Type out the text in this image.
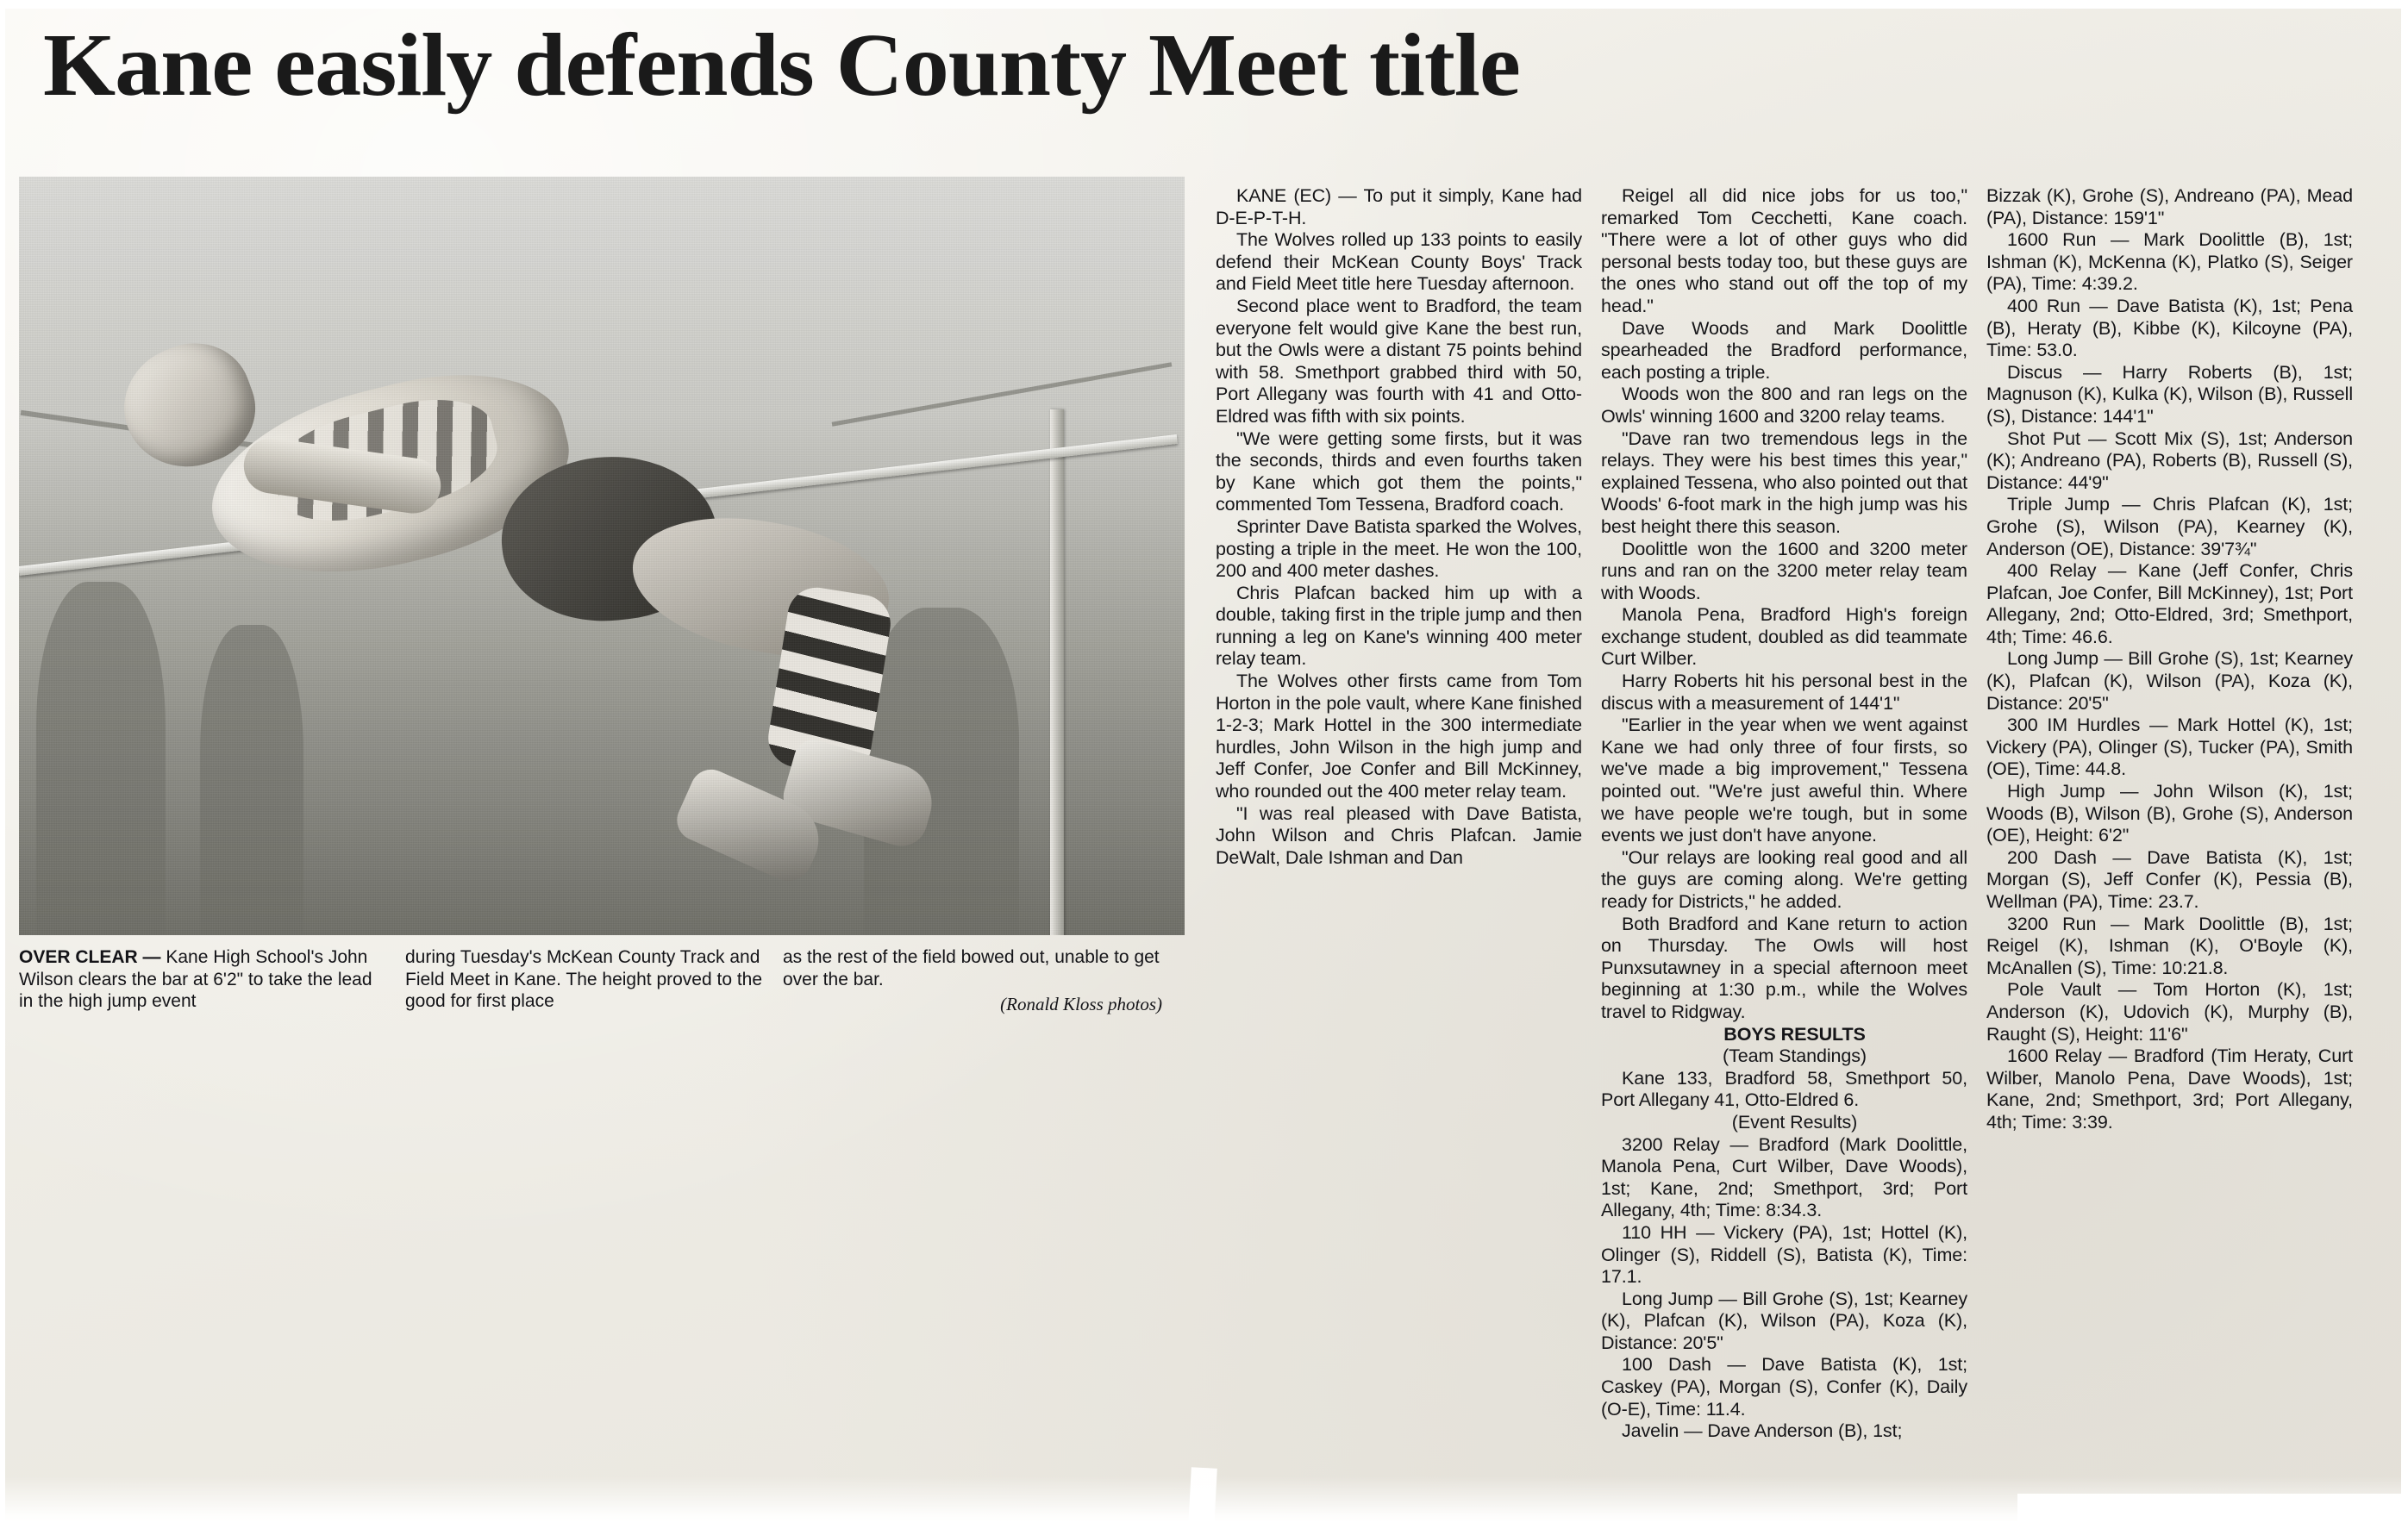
Kane easily defends County Meet title
OVER CLEAR — Kane High School's John Wilson clears the bar at 6'2" to take the lead in the high jump event
during Tuesday's McKean County Track and Field Meet in Kane. The height proved to the good for first place
as the rest of the field bowed out, unable to get over the bar.
(Ronald Kloss photos)

KANE (EC) — To put it simply, Kane had D-E-P-T-H.

The Wolves rolled up 133 points to easily defend their McKean County Boys' Track and Field Meet title here Tuesday afternoon.

Second place went to Bradford, the team everyone felt would give Kane the best run, but the Owls were a distant 75 points behind with 58. Smethport grabbed third with 50, Port Allegany was fourth with 41 and Otto-Eldred was fifth with six points.

"We were getting some firsts, but it was the seconds, thirds and even fourths taken by Kane which got them the points," commented Tom Tessena, Bradford coach.

Sprinter Dave Batista sparked the Wolves, posting a triple in the meet. He won the 100, 200 and 400 meter dashes.

Chris Plafcan backed him up with a double, taking first in the triple jump and then running a leg on Kane's winning 400 meter relay team.

The Wolves other firsts came from Tom Horton in the pole vault, where Kane finished 1-2-3; Mark Hottel in the 300 intermediate hurdles, John Wilson in the high jump and Jeff Confer, Joe Confer and Bill McKinney, who rounded out the 400 meter relay team.

"I was real pleased with Dave Batista, John Wilson and Chris Plafcan. Jamie DeWalt, Dale Ishman and Dan

Reigel all did nice jobs for us too," remarked Tom Cecchetti, Kane coach. "There were a lot of other guys who did personal bests today too, but these guys are the ones who stand out off the top of my head."

Dave Woods and Mark Doolittle spearheaded the Bradford performance, each posting a triple.

Woods won the 800 and ran legs on the Owls' winning 1600 and 3200 relay teams.

"Dave ran two tremendous legs in the relays. They were his best times this year," explained Tessena, who also pointed out that Woods' 6-foot mark in the high jump was his best height there this season.

Doolittle won the 1600 and 3200 meter runs and ran on the 3200 meter relay team with Woods.

Manola Pena, Bradford High's foreign exchange student, doubled as did teammate Curt Wilber.

Harry Roberts hit his personal best in the discus with a measurement of 144'1"

"Earlier in the year when we went against Kane we had only three of four firsts, so we've made a big improvement," Tessena pointed out. "We're just aweful thin. Where we have people we're tough, but in some events we just don't have anyone.

"Our relays are looking real good and all the guys are coming along. We're getting ready for Districts," he added.

Both Bradford and Kane return to action on Thursday. The Owls will host Punxsutawney in a special afternoon meet beginning at 1:30 p.m., while the Wolves travel to Ridgway.

BOYS RESULTS

(Team Standings)

Kane 133, Bradford 58, Smethport 50, Port Allegany 41, Otto-Eldred 6.

(Event Results)

3200 Relay — Bradford (Mark Doolittle, Manola Pena, Curt Wilber, Dave Woods), 1st; Kane, 2nd; Smethport, 3rd; Port Allegany, 4th; Time: 8:34.3.

110 HH — Vickery (PA), 1st; Hottel (K), Olinger (S), Riddell (S), Batista (K), Time: 17.1.

Long Jump — Bill Grohe (S), 1st; Kearney (K), Plafcan (K), Wilson (PA), Koza (K), Distance: 20'5"

100 Dash — Dave Batista (K), 1st; Caskey (PA), Morgan (S), Confer (K), Daily (O-E), Time: 11.4.

Javelin — Dave Anderson (B), 1st;

Bizzak (K), Grohe (S), Andreano (PA), Mead (PA), Distance: 159'1"

1600 Run — Mark Doolittle (B), 1st; Ishman (K), McKenna (K), Platko (S), Seiger (PA), Time: 4:39.2.

400 Run — Dave Batista (K), 1st; Pena (B), Heraty (B), Kibbe (K), Kilcoyne (PA), Time: 53.0.

Discus — Harry Roberts (B), 1st; Magnuson (K), Kulka (K), Wilson (B), Russell (S), Distance: 144'1"

Shot Put — Scott Mix (S), 1st; Anderson (K); Andreano (PA), Roberts (B), Russell (S), Distance: 44'9"

Triple Jump — Chris Plafcan (K), 1st; Grohe (S), Wilson (PA), Kearney (K), Anderson (OE), Distance: 39'7¾"

400 Relay — Kane (Jeff Confer, Chris Plafcan, Joe Confer, Bill McKinney), 1st; Port Allegany, 2nd; Otto-Eldred, 3rd; Smethport, 4th; Time: 46.6.

Long Jump — Bill Grohe (S), 1st; Kearney (K), Plafcan (K), Wilson (PA), Koza (K), Distance: 20'5"

300 IM Hurdles — Mark Hottel (K), 1st; Vickery (PA), Olinger (S), Tucker (PA), Smith (OE), Time: 44.8.

High Jump — John Wilson (K), 1st; Woods (B), Wilson (B), Grohe (S), Anderson (OE), Height: 6'2"

200 Dash — Dave Batista (K), 1st; Morgan (S), Jeff Confer (K), Pessia (B), Wellman (PA), Time: 23.7.

3200 Run — Mark Doolittle (B), 1st; Reigel (K), Ishman (K), O'Boyle (K), McAnallen (S), Time: 10:21.8.

Pole Vault — Tom Horton (K), 1st; Anderson (K), Udovich (K), Murphy (B), Raught (S), Height: 11'6"

1600 Relay — Bradford (Tim Heraty, Curt Wilber, Manolo Pena, Dave Woods), 1st; Kane, 2nd; Smethport, 3rd; Port Allegany, 4th; Time: 3:39.
